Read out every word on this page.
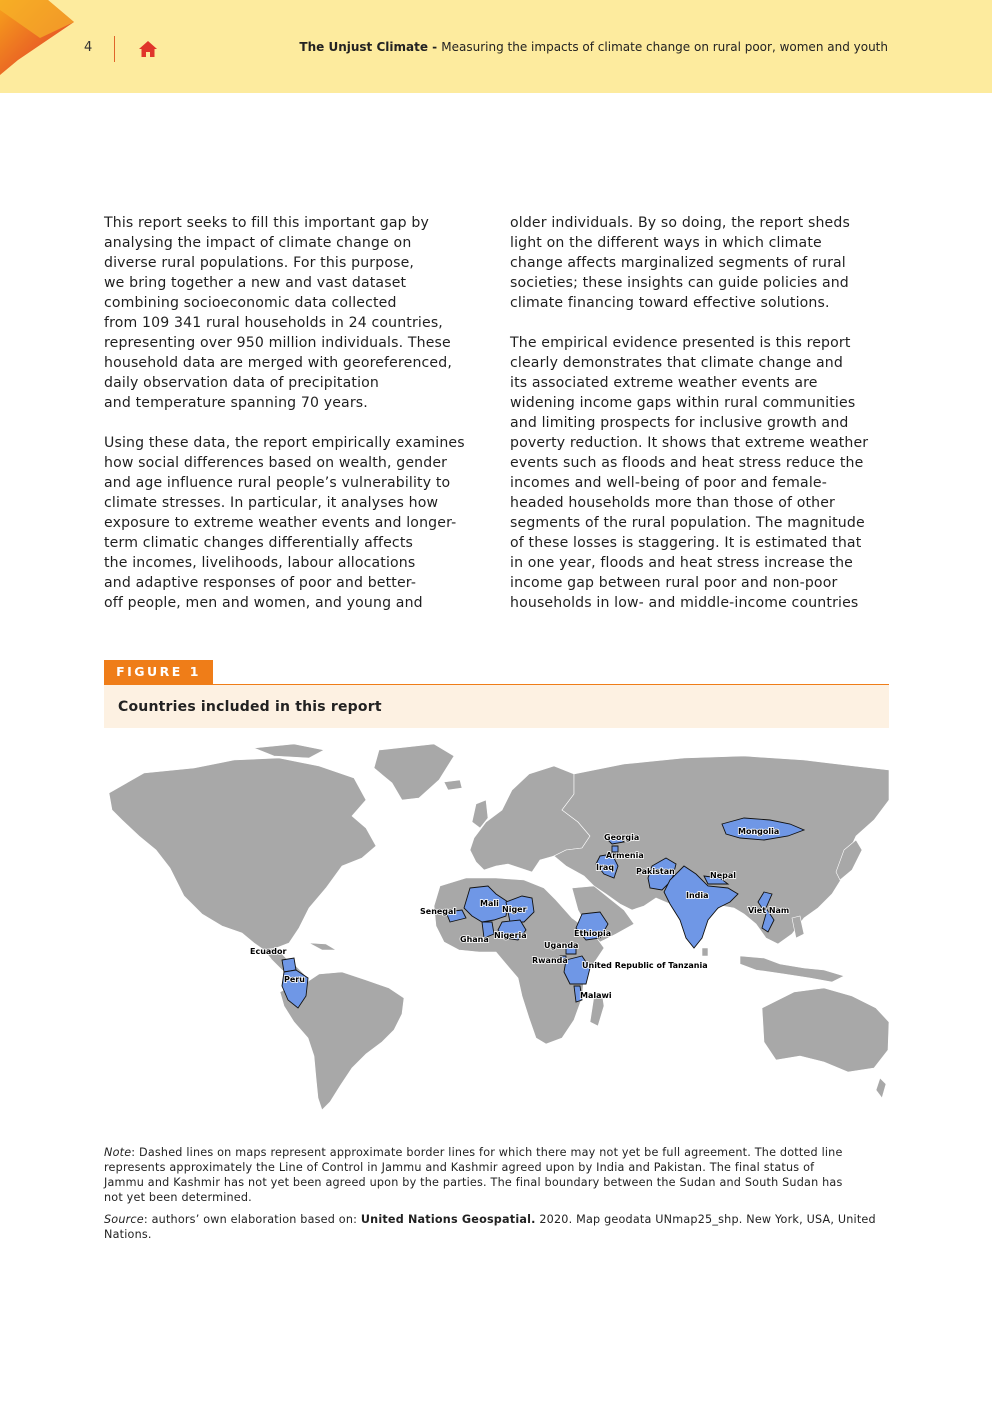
4	The Unjust Climate - Measuring the impacts of climate change on rural poor, women and youth

This report seeks to fill this important gap by
analysing the impact of climate change on
diverse rural populations. For this purpose,
we bring together a new and vast dataset
combining socioeconomic data collected
from 109 341 rural households in 24 countries,
representing over 950 million individuals. These
household data are merged with georeferenced,
daily observation data of precipitation
and temperature spanning 70 years.

Using these data, the report empirically examines
how social differences based on wealth, gender
and age influence rural people’s vulnerability to
climate stresses. In particular, it analyses how
exposure to extreme weather events and longer-
term climatic changes differentially affects
the incomes, livelihoods, labour allocations
and adaptive responses of poor and better-
off people, men and women, and young and

older individuals. By so doing, the report sheds
light on the different ways in which climate
change affects marginalized segments of rural
societies; these insights can guide policies and
climate financing toward effective solutions.

The empirical evidence presented is this report
clearly demonstrates that climate change and
its associated extreme weather events are
widening income gaps within rural communities
and limiting prospects for inclusive growth and
poverty reduction. It shows that extreme weather
events such as floods and heat stress reduce the
incomes and well-being of poor and female-
headed households more than those of other
segments of the rural population. The magnitude
of these losses is staggering. It is estimated that
in one year, floods and heat stress increase the
income gap between rural poor and non-poor
households in low- and middle-income countries

FIGURE 1
Countries included in this report
Georgia
Armenia
Iraq	Pakistan	Nepal
Mongolia
India
Viet Nam
Mali
Niger
Senegal
Ghana Nigeria	Ethiopia
Uganda
Rwanda
United Republic of Tanzania
Malawi
Ecuador
Peru

Note: Dashed lines on maps represent approximate border lines for which there may not yet be full agreement. The dotted line
represents approximately the Line of Control in Jammu and Kashmir agreed upon by India and Pakistan. The final status of
Jammu and Kashmir has not yet been agreed upon by the parties. The final boundary between the Sudan and South Sudan has
not yet been determined.

Source: authors’ own elaboration based on: United Nations Geospatial. 2020. Map geodata UNmap25_shp. New York, USA, United
Nations.
